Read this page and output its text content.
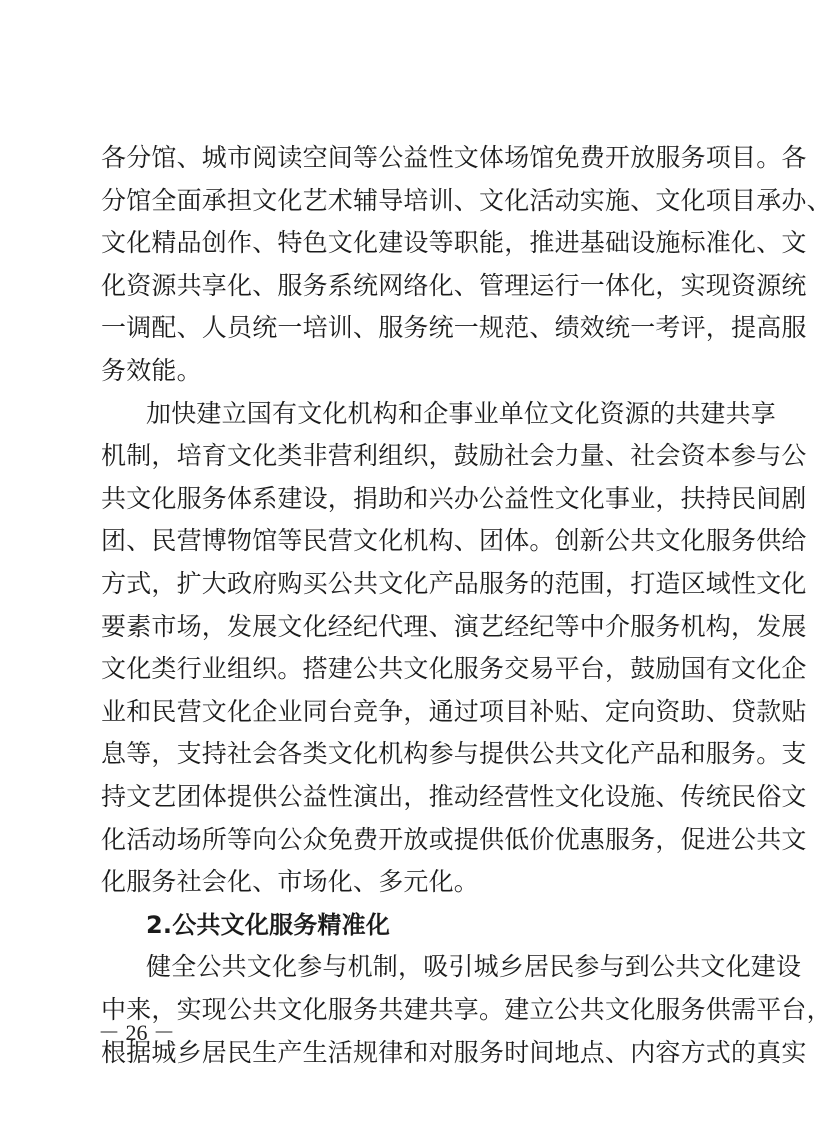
各分馆、城市阅读空间等公益性文体场馆免费开放服务项目。各
分馆全面承担文化艺术辅导培训、文化活动实施、文化项目承办、
文化精品创作、特色文化建设等职能，推进基础设施标准化、文
化资源共享化、服务系统网络化、管理运行一体化，实现资源统
一调配、人员统一培训、服务统一规范、绩效统一考评，提高服
务效能。
加快建立国有文化机构和企事业单位文化资源的共建共享
机制，培育文化类非营利组织，鼓励社会力量、社会资本参与公
共文化服务体系建设，捐助和兴办公益性文化事业，扶持民间剧
团、民营博物馆等民营文化机构、团体。创新公共文化服务供给
方式，扩大政府购买公共文化产品服务的范围，打造区域性文化
要素市场，发展文化经纪代理、演艺经纪等中介服务机构，发展
文化类行业组织。搭建公共文化服务交易平台，鼓励国有文化企
业和民营文化企业同台竞争，通过项目补贴、定向资助、贷款贴
息等，支持社会各类文化机构参与提供公共文化产品和服务。支
持文艺团体提供公益性演出，推动经营性文化设施、传统民俗文
化活动场所等向公众免费开放或提供低价优惠服务，促进公共文
化服务社会化、市场化、多元化。
2.公共文化服务精准化
健全公共文化参与机制，吸引城乡居民参与到公共文化建设
中来，实现公共文化服务共建共享。建立公共文化服务供需平台，
根据城乡居民生产生活规律和对服务时间地点、内容方式的真实
－ 26 －
